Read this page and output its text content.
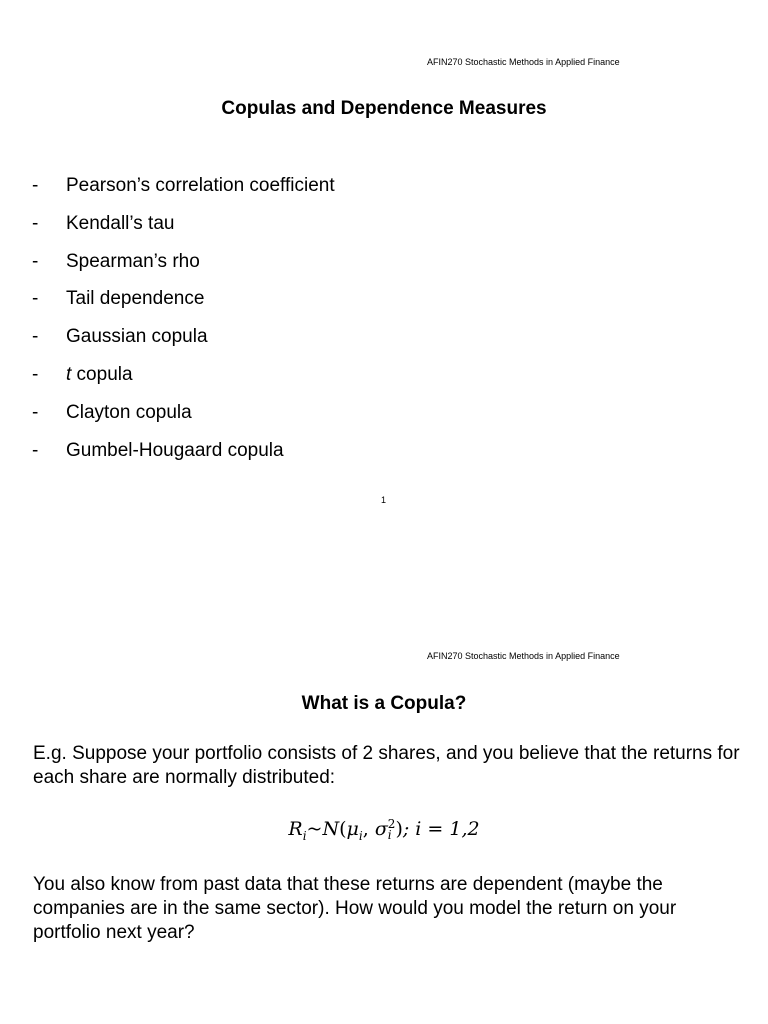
AFIN270 Stochastic Methods in Applied Finance
Copulas and Dependence Measures
- Pearson’s correlation coefficient
- Kendall’s tau
- Spearman’s rho
- Tail dependence
- Gaussian copula
- t copula
- Clayton copula
- Gumbel-Hougaard copula
1
AFIN270 Stochastic Methods in Applied Finance
What is a Copula?
E.g. Suppose your portfolio consists of 2 shares, and you believe that the returns for each share are normally distributed:
$R_i\sim N(\mu_i$, σ2
i ); i = 1,2
You also know from past data that these returns are dependent (maybe the companies are in the same sector). How would you model the return on your portfolio next year?
